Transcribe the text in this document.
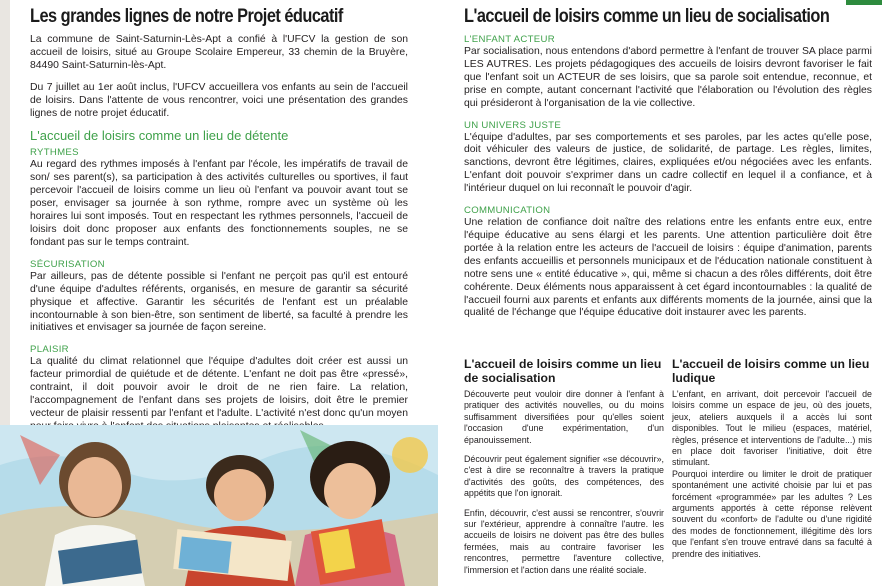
Les grandes lignes de notre Projet éducatif

La commune de Saint-Saturnin-Lès-Apt a confié à l'UFCV la gestion de son accueil de loisirs, situé au Groupe Scolaire Empereur, 33 chemin de la Bruyère, 84490 Saint-Saturnin-lès-Apt.

Du 7 juillet au 1er août inclus, l'UFCV accueillera vos enfants au sein de l'accueil de loisirs. Dans l'attente de vous rencontrer, voici une présentation des grandes lignes de notre projet éducatif.

L'accueil de loisirs comme un lieu de détente
RYTHMES

Au regard des rythmes imposés à l'enfant par l'école, les impératifs de travail de son/ ses parent(s), sa participation à des activités culturelles ou sportives, il faut percevoir l'accueil de loisirs comme un lieu où l'enfant va pouvoir avant tout se poser, envisager sa journée à son rythme, rompre avec un système où les horaires lui sont imposés. Tout en respectant les rythmes personnels, l'accueil de loisirs doit donc proposer aux enfants des fonctionnements souples, ne se fondant pas sur le temps contraint.

SÉCURISATION

Par ailleurs, pas de détente possible si l'enfant ne perçoit pas qu'il est entouré d'une équipe d'adultes référents, organisés, en mesure de garantir sa sécurité physique et affective. Garantir les sécurités de l'enfant est un préalable incontournable à son bien-être, son sentiment de liberté, sa faculté à prendre les initiatives et envisager sa journée de façon sereine.

PLAISIR

La qualité du climat relationnel que l'équipe d'adultes doit créer est aussi un facteur primordial de quiétude et de détente. L'enfant ne doit pas être «pressé», contraint, il doit pouvoir avoir le droit de ne rien faire. La relation, l'accompagnement de l'enfant dans ses projets de loisirs, doit être le premier vecteur de plaisir ressenti par l'enfant et l'adulte. L'activité n'est donc qu'un moyen

L'accueil de loisirs comme un lieu de socialisation
L'ENFANT ACTEUR

Par socialisation, nous entendons d'abord permettre à l'enfant de trouver SA place parmi LES AUTRES. Les projets pédagogiques des accueils de loisirs devront favoriser le fait que l'enfant soit un ACTEUR de ses loisirs, que sa parole soit entendue, reconnue, et prise en compte, autant concernant l'activité que l'élaboration ou l'évolution des règles qui présideront à l'organisation de la vie collective.

UN UNIVERS JUSTE

L'équipe d'adultes, par ses comportements et ses paroles, par les actes qu'elle pose, doit véhiculer des valeurs de justice, de solidarité, de partage. Les règles, limites, sanctions, devront être légitimes, claires, expliquées et/ou négociées avec les enfants. L'enfant doit pouvoir s'exprimer dans un cadre collectif en lequel il a confiance, et à l'intérieur duquel on lui reconnaît le pouvoir d'agir.

COMMUNICATION

Une relation de confiance doit naître des relations entre les enfants entre eux, entre l'équipe éducative au sens élargi et les parents. Une attention particulière doit être portée à la relation entre les acteurs de l'accueil de loisirs : équipe d'animation, parents des enfants accueillis et personnels municipaux et de l'éducation nationale constituent à notre sens une « entité éducative », qui, même si chacun a des rôles différents, doit être cohérente. Deux éléments nous apparaissent à cet égard incontournables : la qualité de l'accueil fourni aux parents et enfants aux différents moments de la journée, ainsi que la qualité de l'échange que l'équipe éducative doit instaurer avec les parents.

L'accueil de loisirs comme un lieu de socialisation

Découverte peut vouloir dire donner à l'enfant à pratiquer des activités nouvelles, ou du moins suffisamment diversifiées pour qu'elles soient l'occasion d'une expérimentation, d'un épanouissement.

Découvrir peut également signifier «se découvrir», c'est à dire se reconnaître à travers la pratique d'activités des goûts, des compétences, des appétits que l'on ignorait.

Enfin, découvrir, c'est aussi se rencontrer, s'ouvrir sur l'extérieur, apprendre à connaître l'autre. les accueils de loisirs ne doivent pas être des bulles fermées, mais au contraire favoriser les rencontres, permettre l'aventure collective, l'immersion et l'action dans une réalité sociale.

L'accueil de loisirs comme un lieu ludique

L'enfant, en arrivant, doit percevoir l'accueil de loisirs comme un espace de jeu, où des jouets, jeux, ateliers auxquels il a accès lui sont disponibles. Tout le milieu (espaces, matériel, règles, présence et interventions de l'adulte...) mis en place doit favoriser l'initiative, doit être stimulant.

Pourquoi interdire ou limiter le droit de pratiquer spontanément une activité choisie par lui et pas forcément «programmée» par les adultes ? Les arguments apportés à cette réponse relèvent souvent du «confort» de l'adulte ou d'une rigidité des modes de fonctionnement, illégitime dès lors que l'enfant s'en trouve entravé dans sa faculté à prendre des initiatives.
